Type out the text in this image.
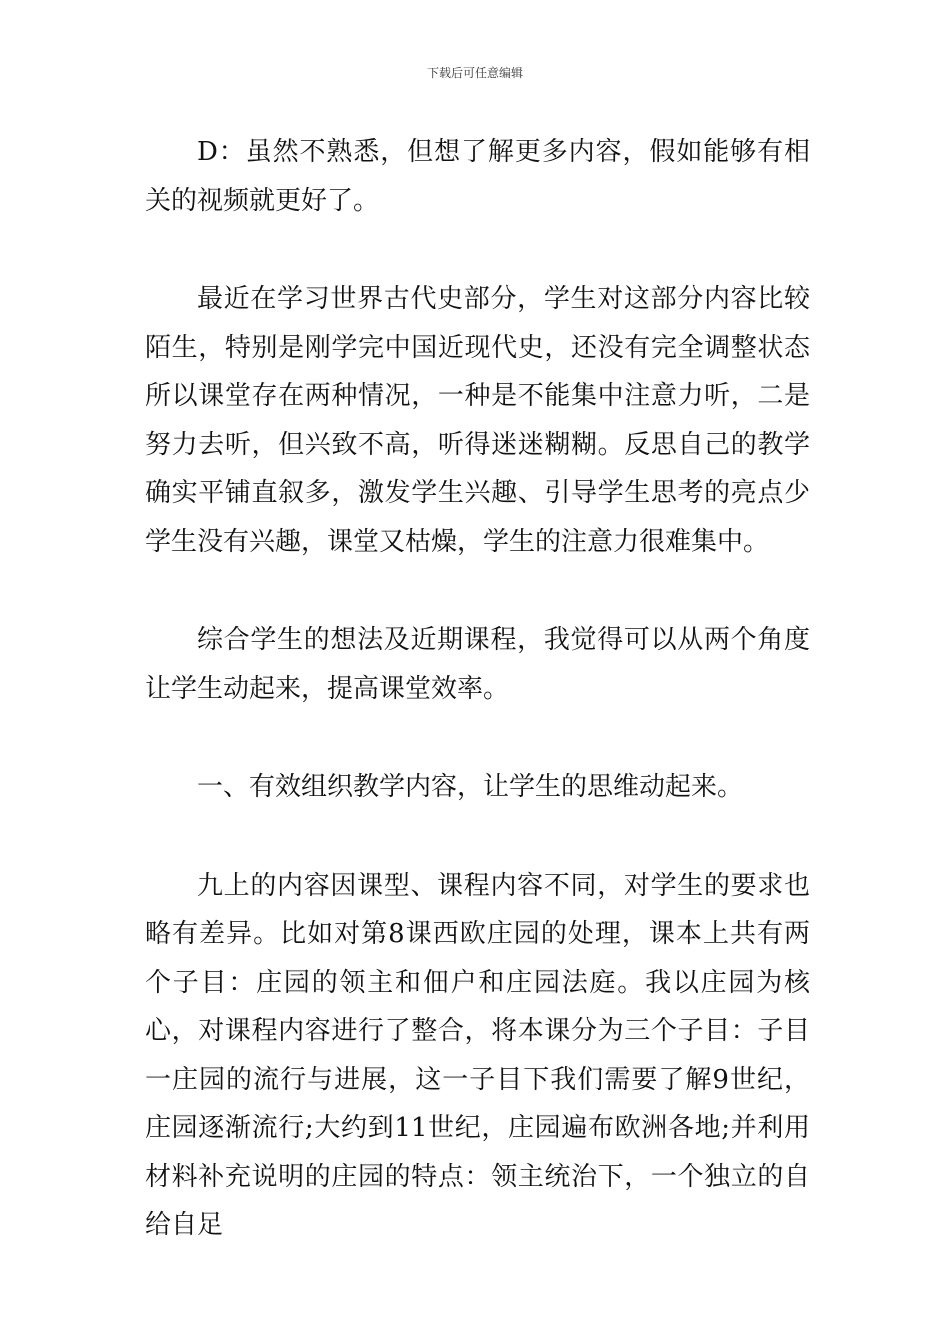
下载后可任意编辑

D：虽然不熟悉，但想了解更多内容，假如能够有相关的视频就更好了。

最近在学习世界古代史部分，学生对这部分内容比较陌生，特别是刚学完中国近现代史，还没有完全调整状态所以课堂存在两种情况，一种是不能集中注意力听，二是努力去听，但兴致不高，听得迷迷糊糊。反思自己的教学确实平铺直叙多，激发学生兴趣、引导学生思考的亮点少学生没有兴趣，课堂又枯燥，学生的注意力很难集中。

综合学生的想法及近期课程，我觉得可以从两个角度让学生动起来，提高课堂效率。

一、有效组织教学内容，让学生的思维动起来。

九上的内容因课型、课程内容不同，对学生的要求也略有差异。比如对第8课西欧庄园的处理，课本上共有两个子目：庄园的领主和佃户和庄园法庭。我以庄园为核心，对课程内容进行了整合，将本课分为三个子目：子目一庄园的流行与进展，这一子目下我们需要了解9世纪，庄园逐渐流行;大约到11世纪，庄园遍布欧洲各地;并利用材料补充说明的庄园的特点：领主统治下，一个独立的自给自足
